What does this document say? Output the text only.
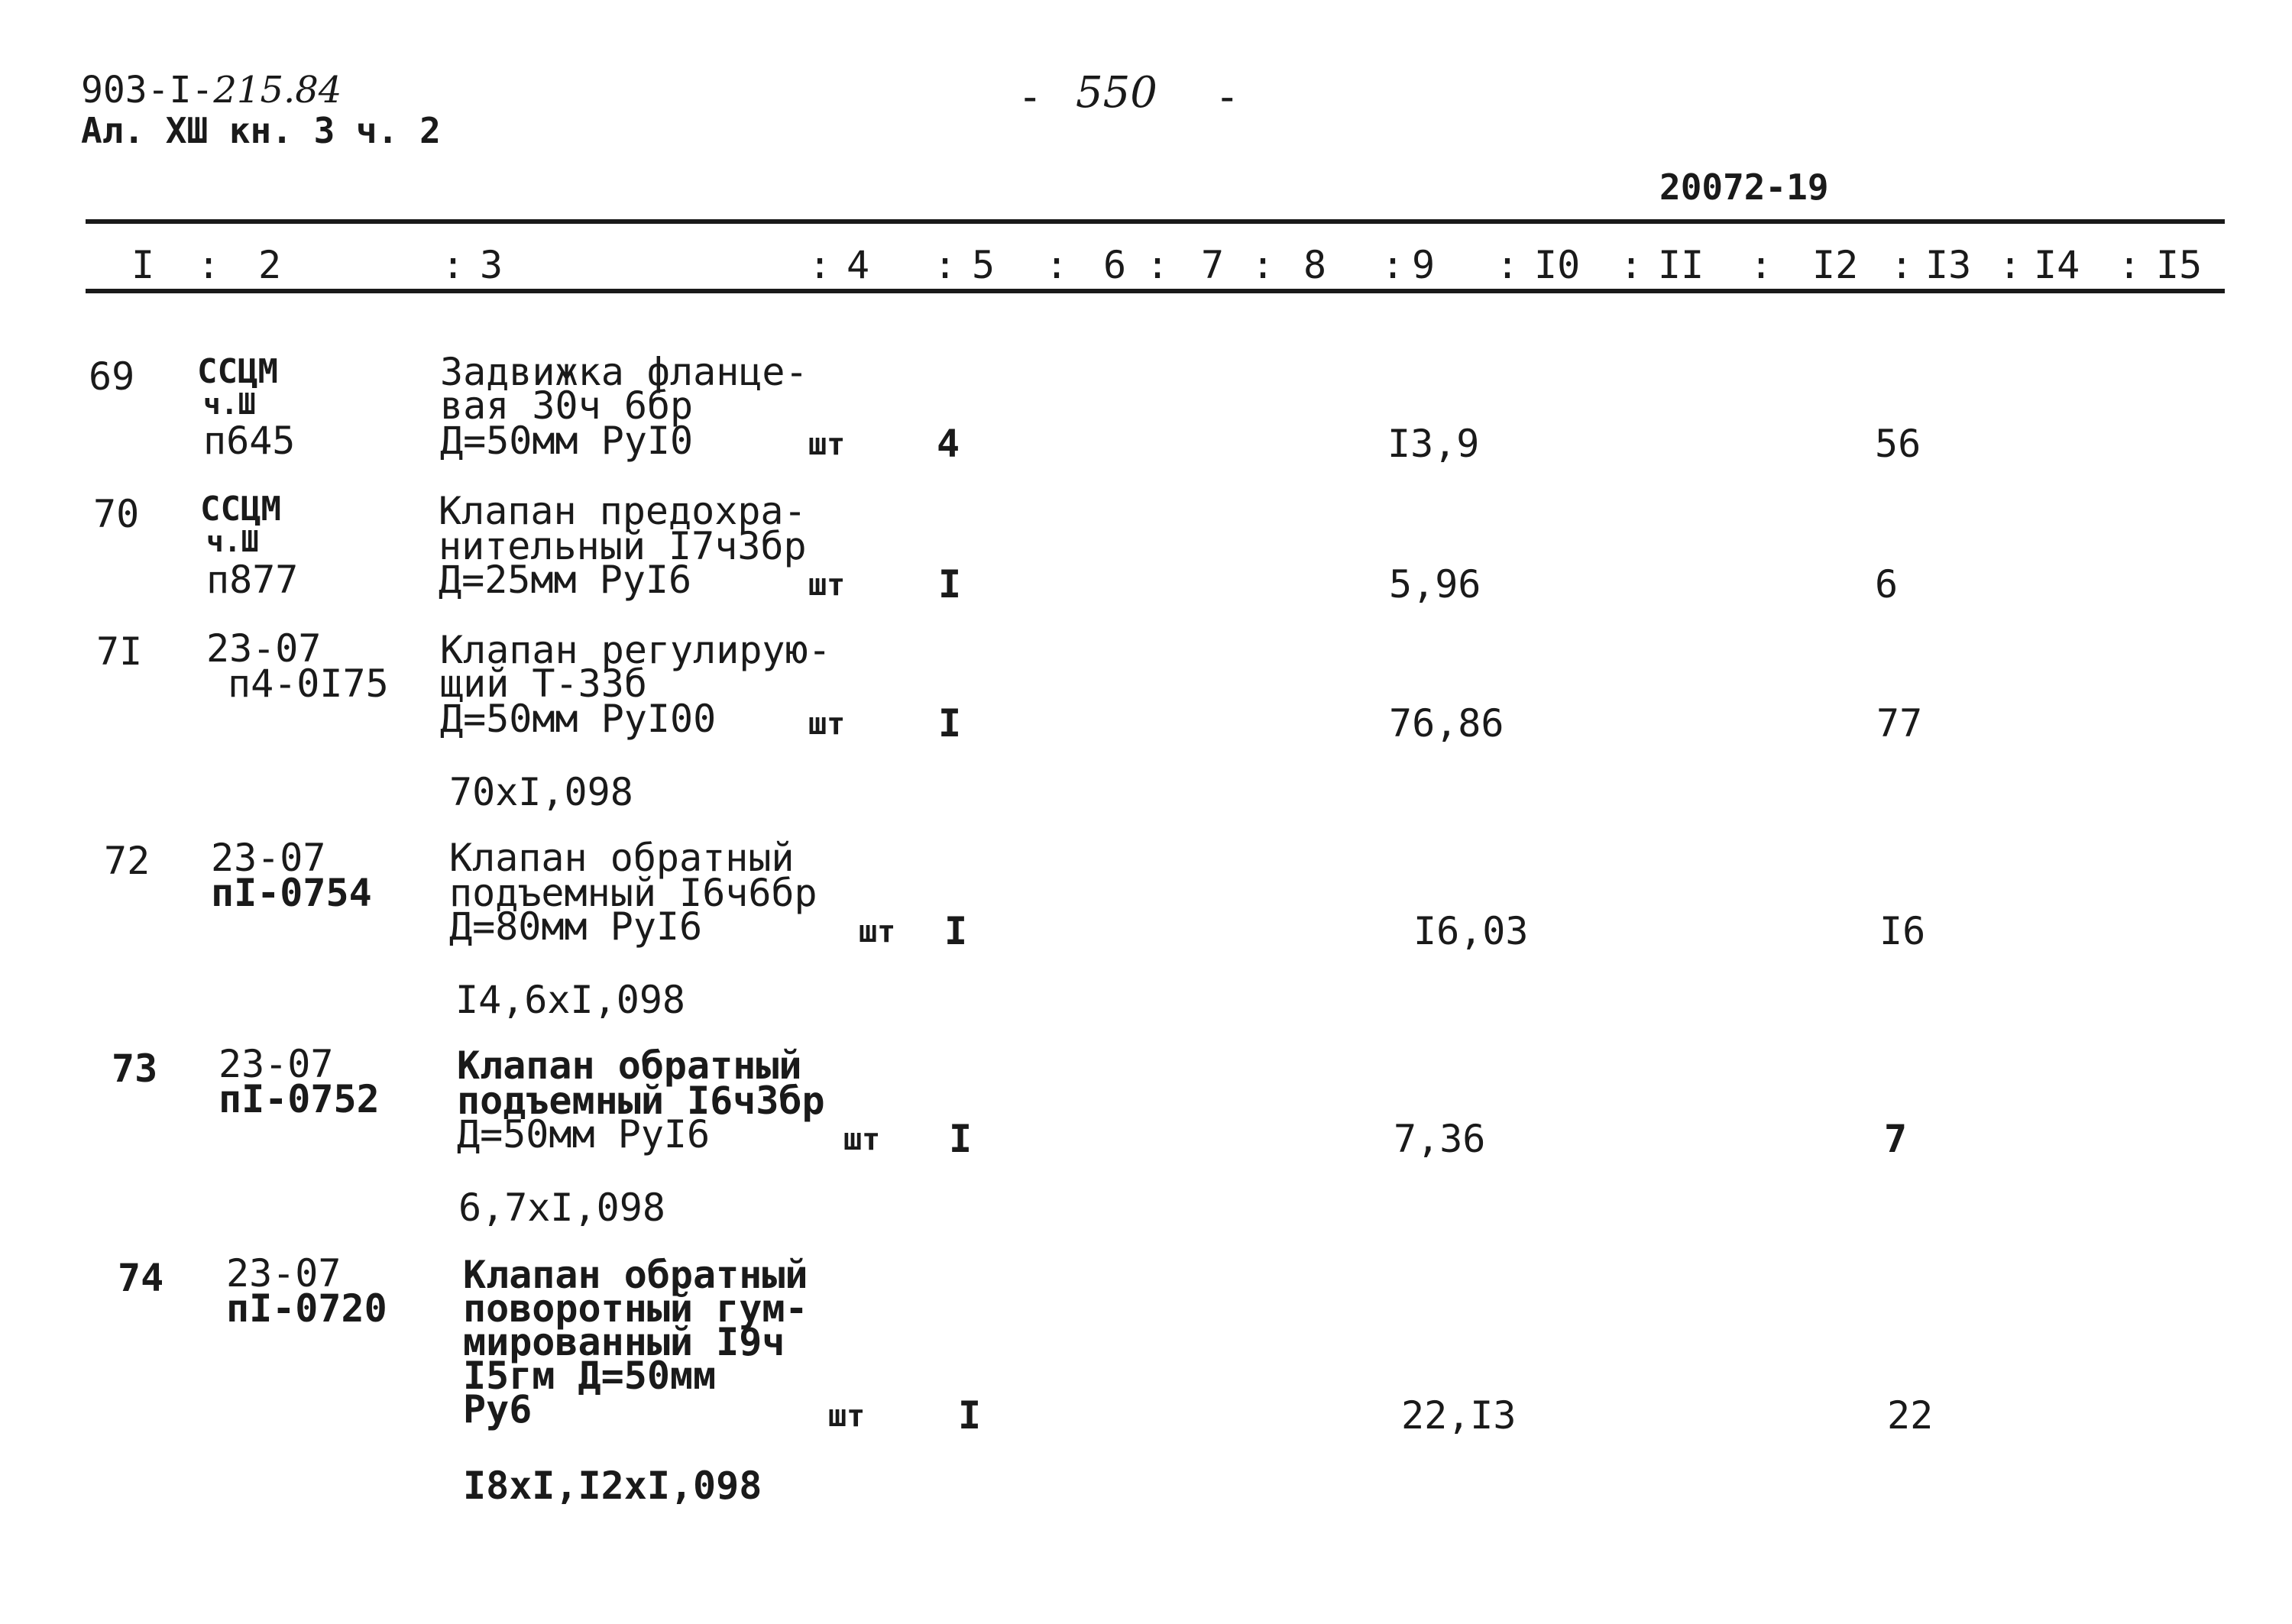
903-I-215.84
Ал. ХШ кн. 3 ч. 2
- 550 -
20072-19
I : 2	: 3	: 4 : 5 : 6 : 7 : 8 : 9 : I0 : II : I2 : I3 : I4 : I5
69 ССЦМ
ч.Ш
п645
Задвижка фланце-
вая 30ч 6бр
Д=50мм РуI0	шт 4	I3,9	56
70 ССЦМ
ч.Ш
п877
Клапан предохра-
нительный I7ч3бр
Д=25мм РуI6	шт I	5,96	6
7I 23-07
п4-0I75
Клапан регулирую-
щий Т-33б
Д=50мм РуI00	шт I	76,86	77
70хI,098
72 23-07
пI-0754
Клапан обратный
подъемный I6ч6бр
Д=80мм РуI6	шт I	I6,03	I6
I4,6хI,098
73 23-07
пI-0752
Клапан обратный
подъемный I6ч3бр
Д=50мм РуI6	шт I	7,36	7
6,7хI,098
74 23-07
пI-0720
Клапан обратный
поворотный гум-
мированный I9ч
I5гм Д=50мм
Ру6	шт I	22,I3	22
I8хI,I2хI,098
